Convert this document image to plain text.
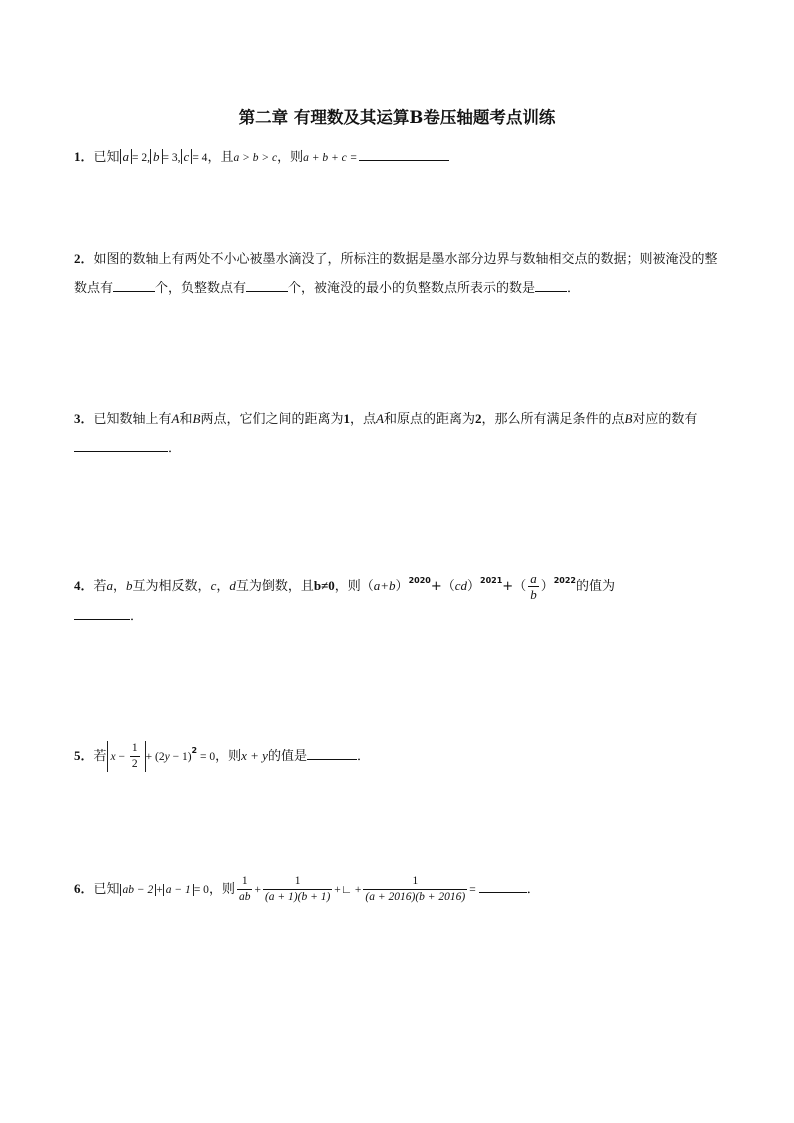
第二章 有理数及其运算B卷压轴题考点训练
1．已知 a = 2, b = 3, c = 4，且a > b > c，则a + b + c =
2．如图的数轴上有两处不小心被墨水滴没了，所标注的数据是墨水部分边界与数轴相交点的数据；则被淹没的整数点有	个，负整数点有	个，被淹没的最小的负整数点所表示的数是 ．
3．已知数轴上有A和B两点，它们之间的距离为1，点A和原点的距离为2，那么所有满足条件的点B对应的数有．
4．若a，b互为相反数，c，d互为倒数，且b≠0，则$(a+b)^{2020}+(cd)^{2021}+( \frac{a}{b} )^{2022}$的值为
．
5．若 $x - \frac{1}{2} + (2y - 1)^2 = 0$，则x + y的值是	．
6．已知 ab − 2 + a − 1 = 0，则 $\frac{1}{ab} + \frac{1}{(a + 1)(b + 1)}$ +∟ + $\frac{1}{(a + 2016)(b + 2016)}$ =	．
